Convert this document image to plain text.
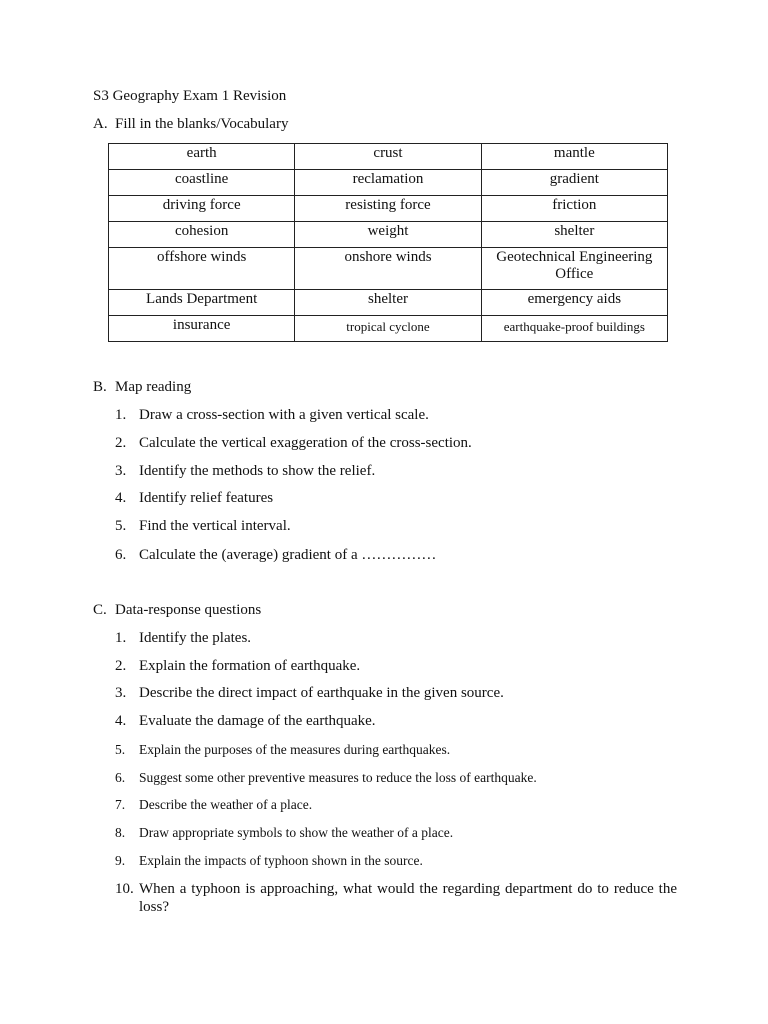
S3 Geography Exam 1 Revision
A. Fill in the blanks/Vocabulary
earth	crust	mantle
coastline	reclamation	gradient
driving force	resisting force	friction
cohesion	weight	shelter
offshore winds	onshore winds	Geotechnical Engineering Office
Lands Department	shelter	emergency aids
insurance	tropical cyclone	earthquake-proof buildings
B. Map reading
1. Draw a cross-section with a given vertical scale.
2. Calculate the vertical exaggeration of the cross-section.
3. Identify the methods to show the relief.
4. Identify relief features
5. Find the vertical interval.
6. Calculate the (average) gradient of a ……………
C. Data-response questions
1. Identify the plates.
2. Explain the formation of earthquake.
3. Describe the direct impact of earthquake in the given source.
4. Evaluate the damage of the earthquake.
5.	Explain the purposes of the measures during earthquakes.
6.	Suggest some other preventive measures to reduce the loss of earthquake.
7.	Describe the weather of a place.
8.	Draw appropriate symbols to show the weather of a place.
9.	Explain the impacts of typhoon shown in the source.
10. When a typhoon is approaching, what would the regarding department do to reduce the loss?
